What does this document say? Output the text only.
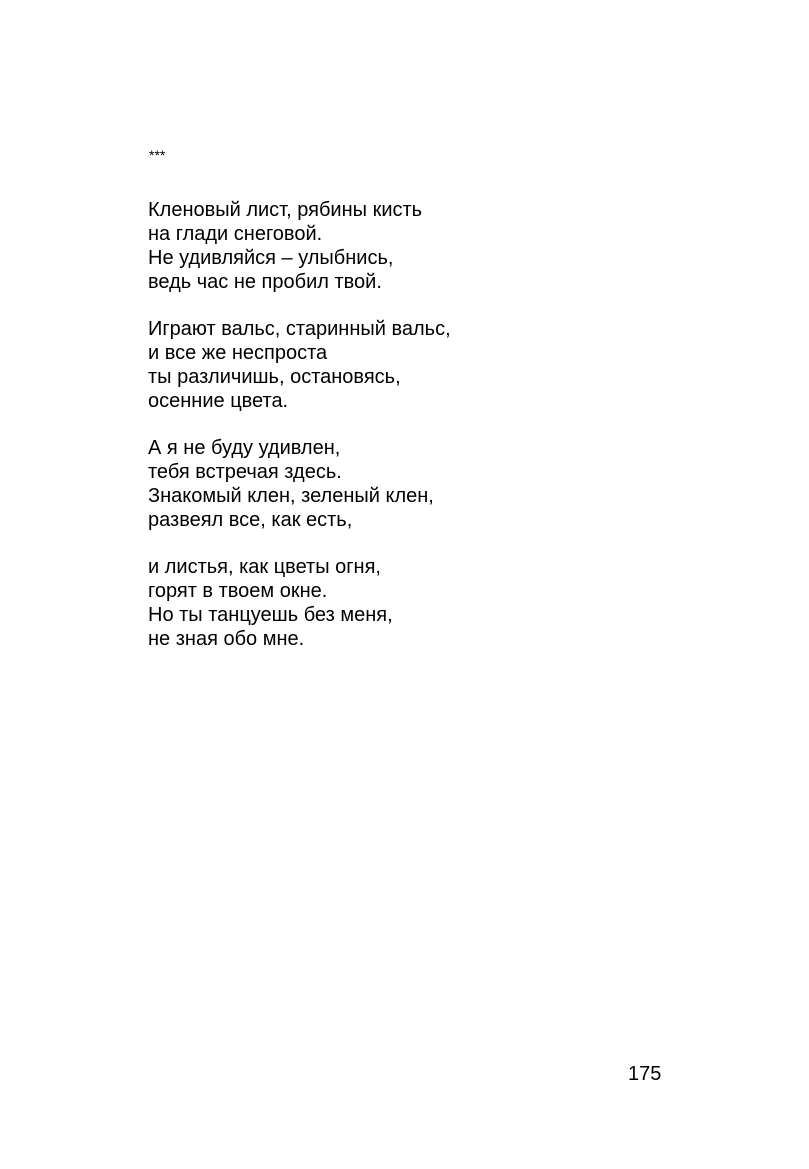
***
Кленовый лист, рябины кисть
на глади снеговой.
Не удивляйся – улыбнись,
ведь час не пробил твой.
Играют вальс, старинный вальс,
и все же неспроста
ты различишь, остановясь,
осенние цвета.
А я не буду удивлен,
тебя встречая здесь.
Знакомый клен, зеленый клен,
развеял все, как есть,
и листья, как цветы огня,
горят в твоем окне.
Но ты танцуешь без меня,
не зная обо мне.
175
